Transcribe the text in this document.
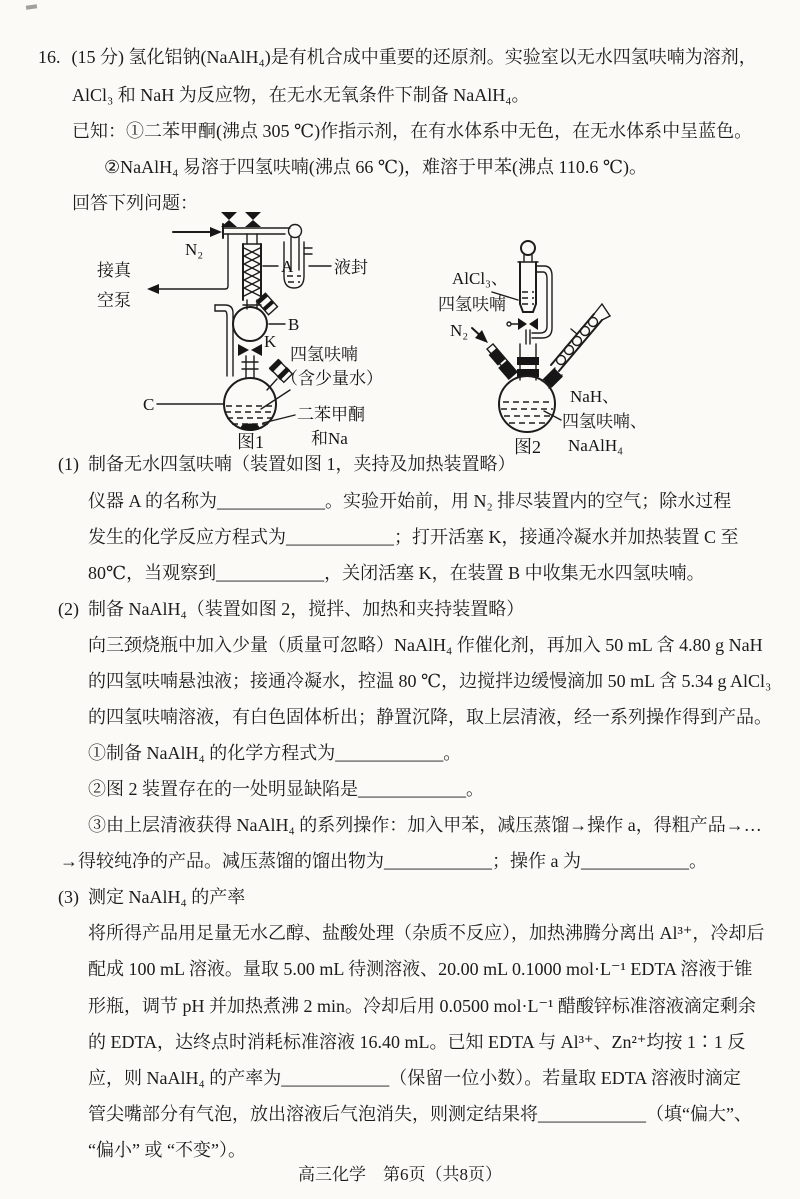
16. (15 分) 氢化铝钠(NaAlH₄)是有机合成中重要的还原剂。实验室以无水四氢呋喃为溶剂，
AlCl₃ 和 NaH 为反应物，在无水无氧条件下制备 NaAlH₄。
已知：①二苯甲酮(沸点 305 ℃)作指示剂，在有水体系中无色，在无水体系中呈蓝色。
②NaAlH₄ 易溶于四氢呋喃(沸点 66 ℃)，难溶于甲苯(沸点 110.6 ℃)。
回答下列问题：
N₂
液封
接真
空泵
A
B
K
C
四氢呋喃
（含少量水）
二苯甲酮
和Na
图1
AlCl₃、
四氢呋喃
N₂
NaH、
四氢呋喃、
NaAlH₄
图2
(1) 制备无水四氢呋喃（装置如图 1，夹持及加热装置略）
仪器 A 的名称为____________。实验开始前，用 N₂ 排尽装置内的空气；除水过程
发生的化学反应方程式为____________；打开活塞 K，接通冷凝水并加热装置 C 至
80℃，当观察到____________，关闭活塞 K，在装置 B 中收集无水四氢呋喃。
(2) 制备 NaAlH₄（装置如图 2，搅拌、加热和夹持装置略）
向三颈烧瓶中加入少量（质量可忽略）NaAlH₄ 作催化剂，再加入 50 mL 含 4.80 g NaH
的四氢呋喃悬浊液；接通冷凝水，控温 80 ℃，边搅拌边缓慢滴加 50 mL 含 5.34 g AlCl₃
的四氢呋喃溶液，有白色固体析出；静置沉降，取上层清液，经一系列操作得到产品。
①制备 NaAlH₄ 的化学方程式为____________。
②图 2 装置存在的一处明显缺陷是____________。
③由上层清液获得 NaAlH₄ 的系列操作：加入甲苯，减压蒸馏→操作 a，得粗产品→…
→得较纯净的产品。减压蒸馏的馏出物为____________；操作 a 为____________。
(3) 测定 NaAlH₄ 的产率
将所得产品用足量无水乙醇、盐酸处理（杂质不反应），加热沸腾分离出 Al³⁺，冷却后
配成 100 mL 溶液。量取 5.00 mL 待测溶液、20.00 mL 0.1000 mol·L⁻¹ EDTA 溶液于锥
形瓶，调节 pH 并加热煮沸 2 min。冷却后用 0.0500 mol·L⁻¹ 醋酸锌标准溶液滴定剩余
的 EDTA，达终点时消耗标准溶液 16.40 mL。已知 EDTA 与 Al³⁺、Zn²⁺均按 1∶1 反
应，则 NaAlH₄ 的产率为____________（保留一位小数）。若量取 EDTA 溶液时滴定
管尖嘴部分有气泡，放出溶液后气泡消失，则测定结果将____________（填“偏大”、
“偏小” 或 “不变”）。
高三化学　第6页（共8页）
